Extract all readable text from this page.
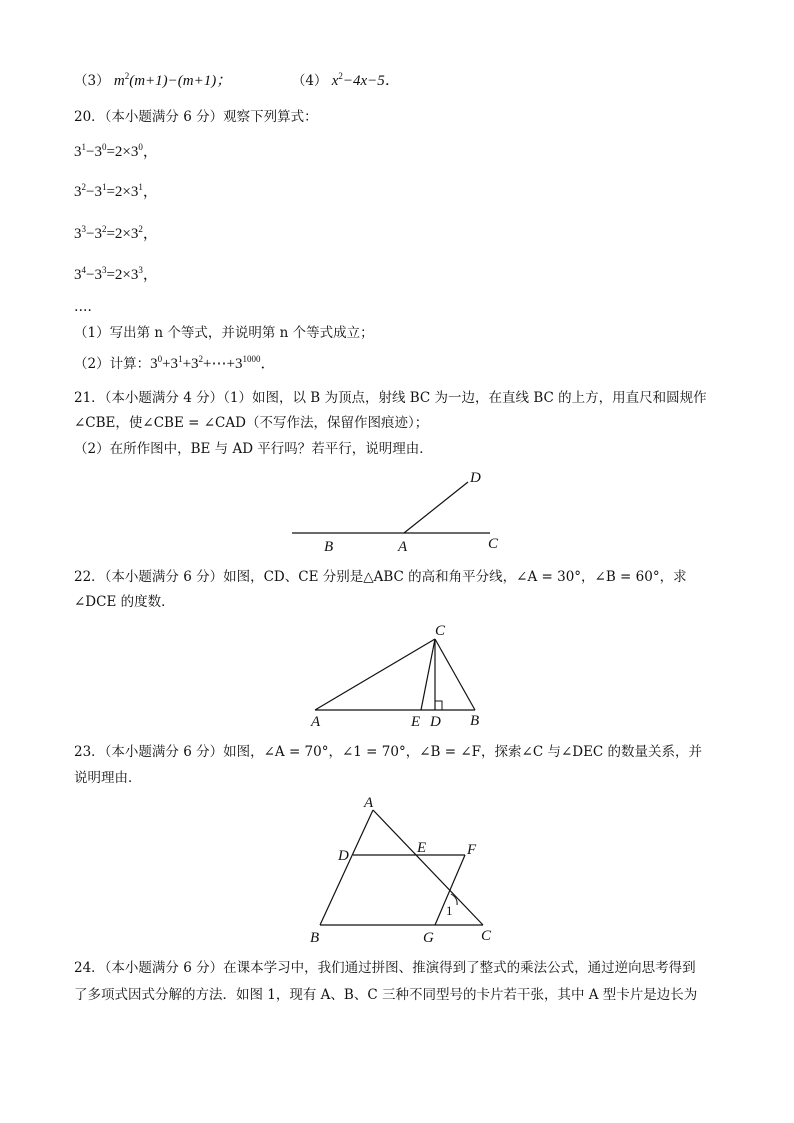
（3） $m^2(m+1)-(m+1)$；	（4） $x^2-4x-5$．
20．（本小题满分 6 分）观察下列算式：
$3^1-3^0=2\times 3^0$，
$3^2-3^1=2\times 3^1$，
$3^3-3^2=2\times 3^2$，
$3^4-3^3=2\times 3^3$，
….
（1）写出第 n 个等式，并说明第 n 个等式成立；
（2）计算：$3^0+3^1+3^2+\cdots+3^{1000}$．
21．（本小题满分 4 分）（1）如图，以 B 为顶点，射线 BC 为一边，在直线 BC 的上方，用直尺和圆规作
∠CBE，使∠CBE = ∠CAD（不写作法，保留作图痕迹）；
（2）在所作图中，BE 与 AD 平行吗？若平行，说明理由．
D
B	A	C
22．（本小题满分 6 分）如图，CD、CE 分别是△ABC 的高和角平分线，∠A = 30°，∠B = 60°，求
∠DCE 的度数．
C
A	E D B
23．（本小题满分 6 分）如图，∠A = 70°，∠1 = 70°，∠B = ∠F，探索∠C 与∠DEC 的数量关系，并
说明理由．
A
D	E	F
1
B	G	C
24．（本小题满分 6 分）在课本学习中，我们通过拼图、推演得到了整式的乘法公式，通过逆向思考得到
了多项式因式分解的方法．如图 1，现有 A、B、C 三种不同型号的卡片若干张，其中 A 型卡片是边长为
